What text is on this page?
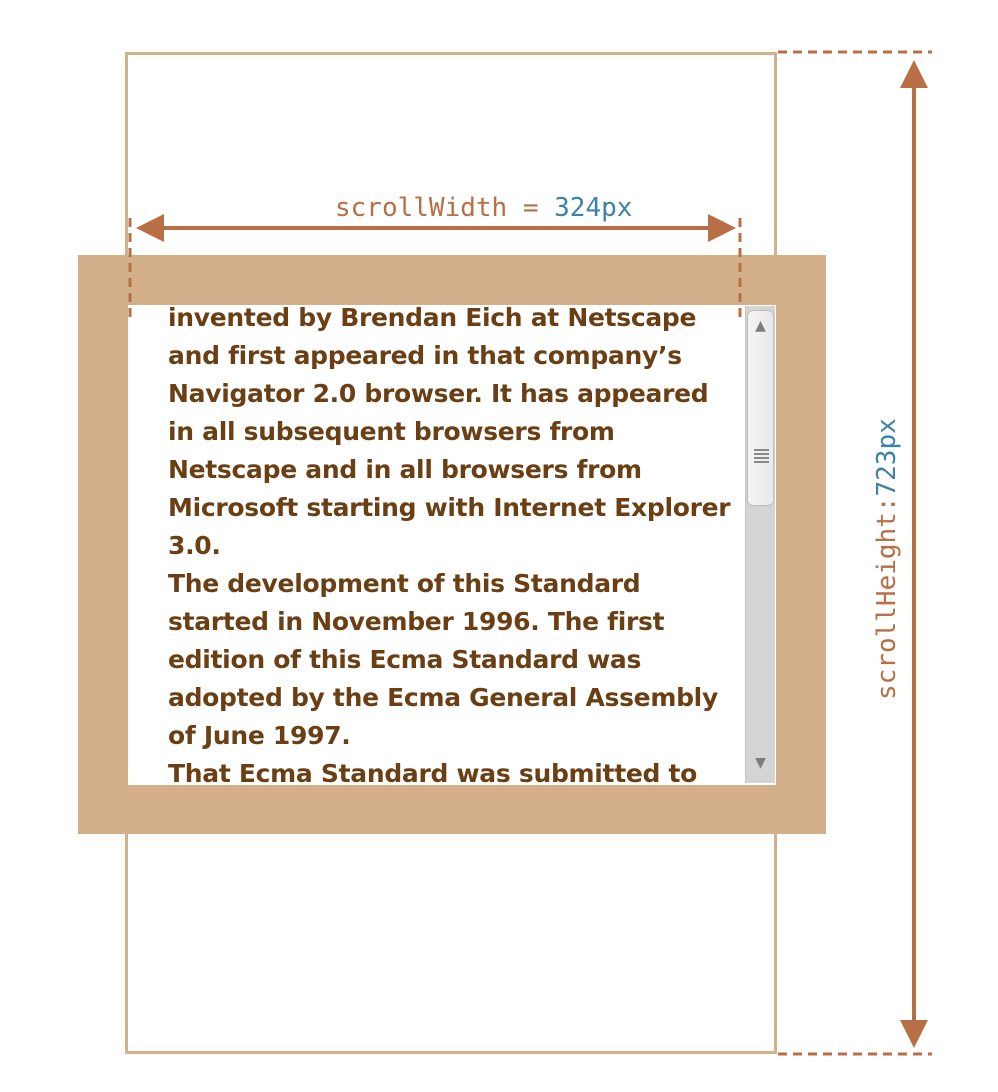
invented by Brendan Eich at Netscape
and first appeared in that company’s
Navigator 2.0 browser. It has appeared
in all subsequent browsers from
Netscape and in all browsers from
Microsoft starting with Internet Explorer
3.0.
The development of this Standard
started in November 1996. The first
edition of this Ecma Standard was
adopted by the Ecma General Assembly
of June 1997.
That Ecma Standard was submitted to
▲
▼
scrollWidth = 324px
scrollHeight:723px
